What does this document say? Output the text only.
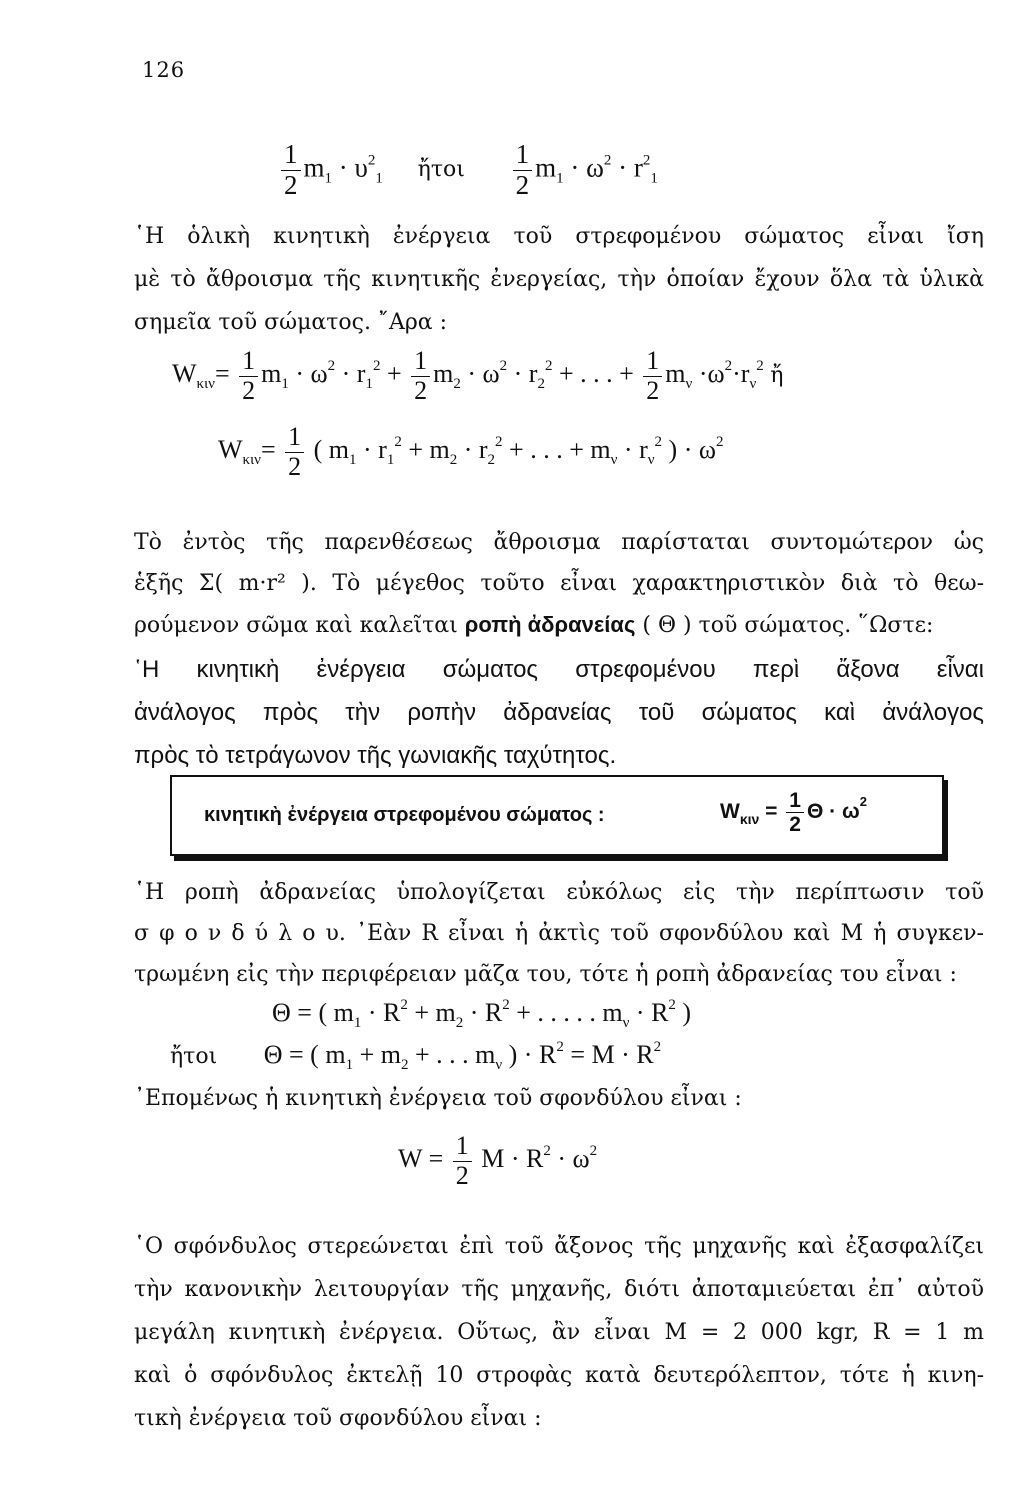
126
$\frac{1}{2} m_1 \cdot \upsilon^2_1$ ἤτοι $\frac{1}{2} m_1 \cdot \omega^2 \cdot r^2_1$
῾Η ὁλικὴ κινητικὴ ἐνέργεια τοῦ στρεφομένου σώματος εἶναι ἴση
μὲ τὸ ἄθροισμα τῆς κινητικῆς ἐνεργείας, τὴν ὁποίαν ἔχουν ὅλα τὰ ὑλικὰ
σημεῖα τοῦ σώματος. ῎Αρα :
$W_{\kappa\iota\nu}= \frac{1}{2} m_1 \cdot \omega^2 \cdot r_1^2 + \frac{1}{2} m_2 \cdot \omega^2 \cdot r_2^2$ + . . . + $\frac{1}{2} m_\nu \cdot\omega^2\cdot r_\nu^2$ ἤ
$W_{\kappa\iota\nu}= \frac{1}{2}$ ( $m_1 \cdot r_1^2 + m_2 \cdot r_2^2$ + . . . + $m_\nu \cdot r_\nu^2$ ) · $\omega^2$
Τὸ ἐντὸς τῆς παρενθέσεως ἄθροισμα παρίσταται συντομώτερον ὡς
ἑξῆς Σ( m·r² ). Τὸ μέγεθος τοῦτο εἶναι χαρακτηριστικὸν διὰ τὸ θεω-
ρούμενον σῶμα καὶ καλεῖται ροπὴ ἀδρανείας ( Θ ) τοῦ σώματος. ῞Ωστε:
῾Η κινητικὴ ἐνέργεια σώματος στρεφομένου περὶ ἄξονα εἶναι
ἀνάλογος πρὸς τὴν ροπὴν ἀδρανείας τοῦ σώματος καὶ ἀνάλογος
πρὸς τὸ τετράγωνον τῆς γωνιακῆς ταχύτητος.
κινητικὴ ἐνέργεια στρεφομένου σώματος :	$W_{\kappa\iota\nu} = \frac{1}{2}$ $\Theta \cdot \omega^2$
῾Η ροπὴ ἀδρανείας ὑπολογίζεται εὐκόλως εἰς τὴν περίπτωσιν τοῦ
σ φ ο ν δ ύ λ ο υ. ᾿Εὰν R εἶναι ἡ ἀκτὶς τοῦ σφονδύλου καὶ M ἡ συγκεν-
τρωμένη εἰς τὴν περιφέρειαν μᾶζα του, τότε ἡ ροπὴ ἀδρανείας του εἶναι :
Θ = ( $m_1 \cdot R^2 + m_2 \cdot R^2$ + . . . . . $m_\nu \cdot R^2$ )
ἤτοι Θ = ( $m_1 + m_2$ + . . . $m_\nu$ ) · $R^2 = M \cdot R^2$
᾿Επομένως ἡ κινητικὴ ἐνέργεια τοῦ σφονδύλου εἶναι :
$W = \frac{1}{2}$ $M \cdot R^2 \cdot \omega^2$
῾Ο σφόνδυλος στερεώνεται ἐπὶ τοῦ ἄξονος τῆς μηχανῆς καὶ ἐξασφαλίζει
τὴν κανονικὴν λειτουργίαν τῆς μηχανῆς, διότι ἀποταμιεύεται ἐπ᾿ αὐτοῦ
μεγάλη κινητικὴ ἐνέργεια. Οὕτως, ἂν εἶναι M = 2 000 kgr, R = 1 m
καὶ ὁ σφόνδυλος ἐκτελῇ 10 στροφὰς κατὰ δευτερόλεπτον, τότε ἡ κινη-
τικὴ ἐνέργεια τοῦ σφονδύλου εἶναι :
